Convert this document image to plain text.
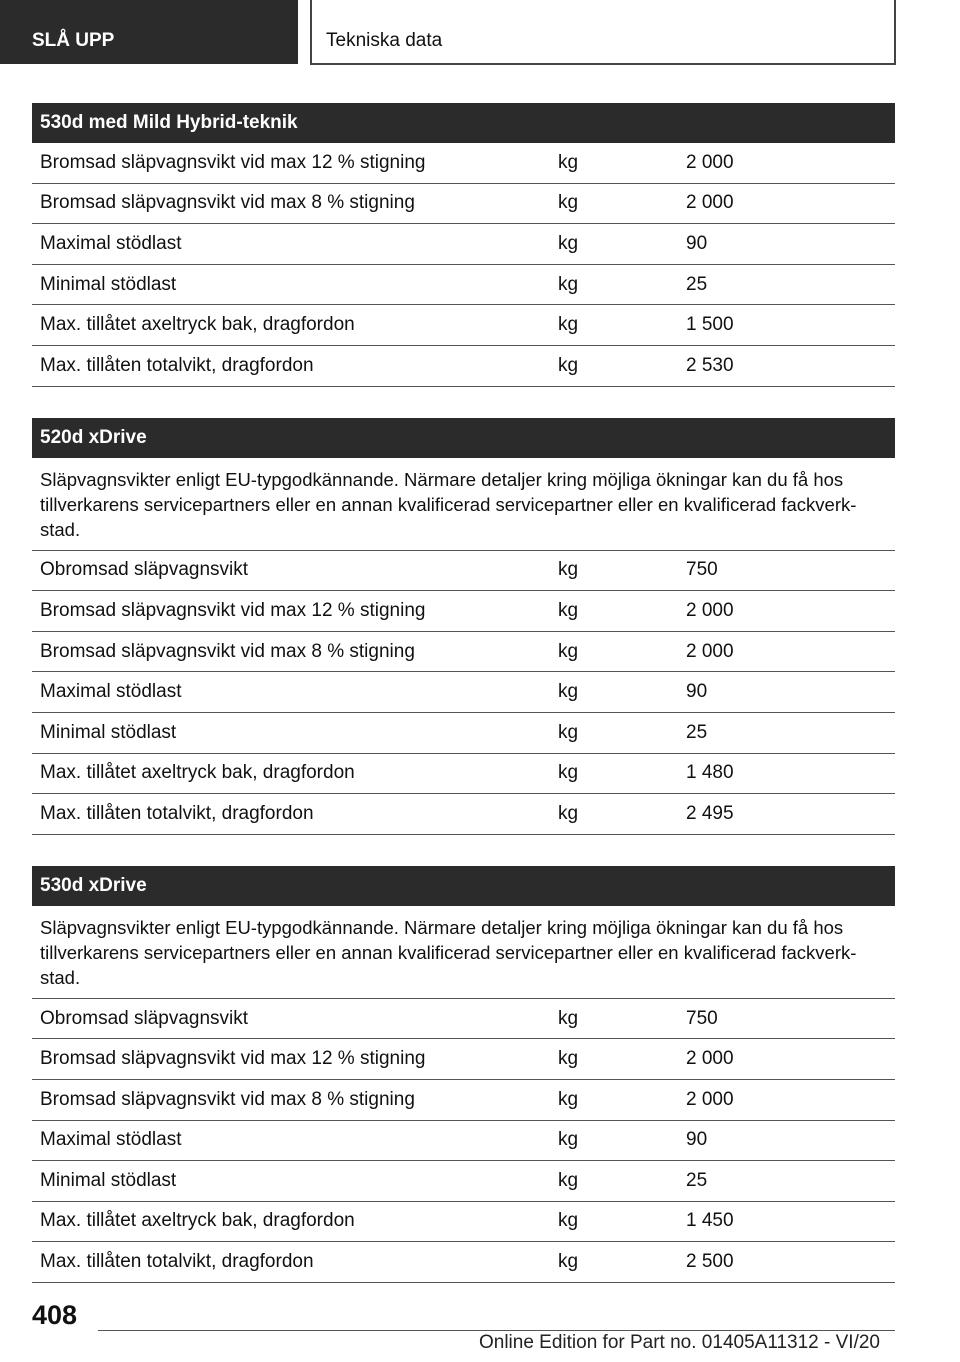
SLÅ UPP	Tekniska data
530d med Mild Hybrid-teknik
Bromsad släpvagnsvikt vid max 12 % stigning	kg	2 000
Bromsad släpvagnsvikt vid max 8 % stigning	kg	2 000
Maximal stödlast	kg	90
Minimal stödlast	kg	25
Max. tillåtet axeltryck bak, dragfordon	kg	1 500
Max. tillåten totalvikt, dragfordon	kg	2 530
520d xDrive
Släpvagnsvikter enligt EU-typgodkännande. Närmare detaljer kring möjliga ökningar kan du få hos tillverkarens servicepartners eller en annan kvalificerad servicepartner eller en kvalificerad fackverkstad.
Obromsad släpvagnsvikt	kg	750
Bromsad släpvagnsvikt vid max 12 % stigning	kg	2 000
Bromsad släpvagnsvikt vid max 8 % stigning	kg	2 000
Maximal stödlast	kg	90
Minimal stödlast	kg	25
Max. tillåtet axeltryck bak, dragfordon	kg	1 480
Max. tillåten totalvikt, dragfordon	kg	2 495
530d xDrive
Släpvagnsvikter enligt EU-typgodkännande. Närmare detaljer kring möjliga ökningar kan du få hos tillverkarens servicepartners eller en annan kvalificerad servicepartner eller en kvalificerad fackverkstad.
Obromsad släpvagnsvikt	kg	750
Bromsad släpvagnsvikt vid max 12 % stigning	kg	2 000
Bromsad släpvagnsvikt vid max 8 % stigning	kg	2 000
Maximal stödlast	kg	90
Minimal stödlast	kg	25
Max. tillåtet axeltryck bak, dragfordon	kg	1 450
Max. tillåten totalvikt, dragfordon	kg	2 500
408
Online Edition for Part no. 01405A11312 - VI/20
